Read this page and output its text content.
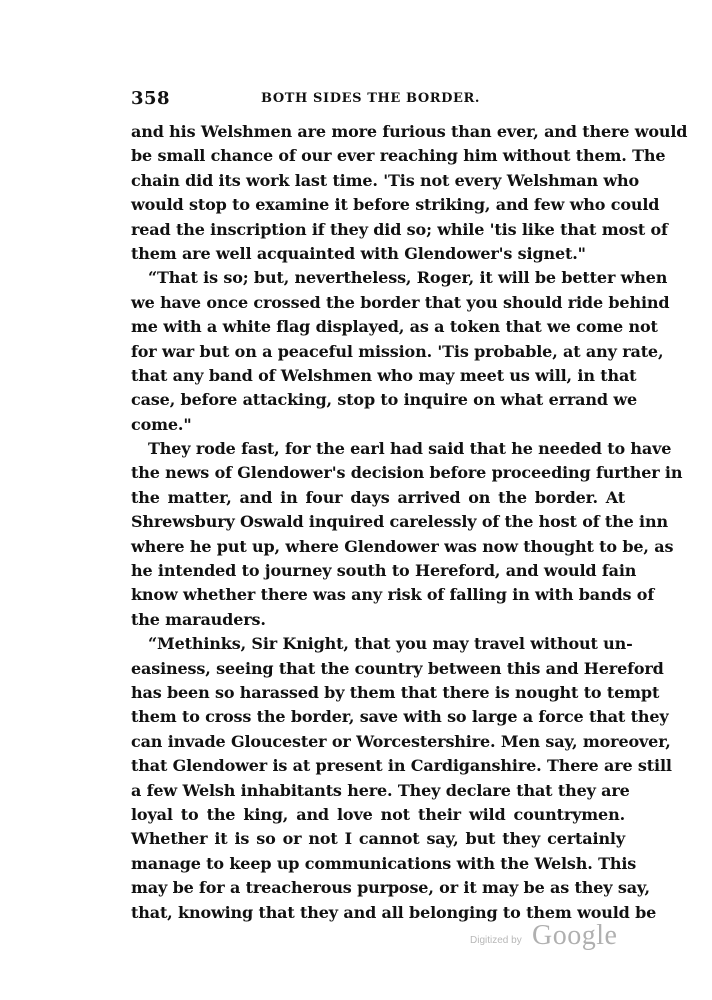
358	BOTH SIDES THE BORDER.
and his Welshmen are more furious than ever, and there would
be small chance of our ever reaching him without them. The
chain did its work last time. 'Tis not every Welshman who
would stop to examine it before striking, and few who could
read the inscription if they did so; while 'tis like that most of
them are well acquainted with Glendower's signet."
“That is so; but, nevertheless, Roger, it will be better when
we have once crossed the border that you should ride behind
me with a white flag displayed, as a token that we come not
for war but on a peaceful mission. 'Tis probable, at any rate,
that any band of Welshmen who may meet us will, in that
case, before attacking, stop to inquire on what errand we
come."
They rode fast, for the earl had said that he needed to have
the news of Glendower's decision before proceeding further in
the matter, and in four days arrived on the border. At
Shrewsbury Oswald inquired carelessly of the host of the inn
where he put up, where Glendower was now thought to be, as
he intended to journey south to Hereford, and would fain
know whether there was any risk of falling in with bands of
the marauders.
“Methinks, Sir Knight, that you may travel without un-
easiness, seeing that the country between this and Hereford
has been so harassed by them that there is nought to tempt
them to cross the border, save with so large a force that they
can invade Gloucester or Worcestershire. Men say, moreover,
that Glendower is at present in Cardiganshire. There are still
a few Welsh inhabitants here. They declare that they are
loyal to the king, and love not their wild countrymen.
Whether it is so or not I cannot say, but they certainly
manage to keep up communications with the Welsh. This
may be for a treacherous purpose, or it may be as they say,
that, knowing that they and all belonging to them would be
Digitized by Google
